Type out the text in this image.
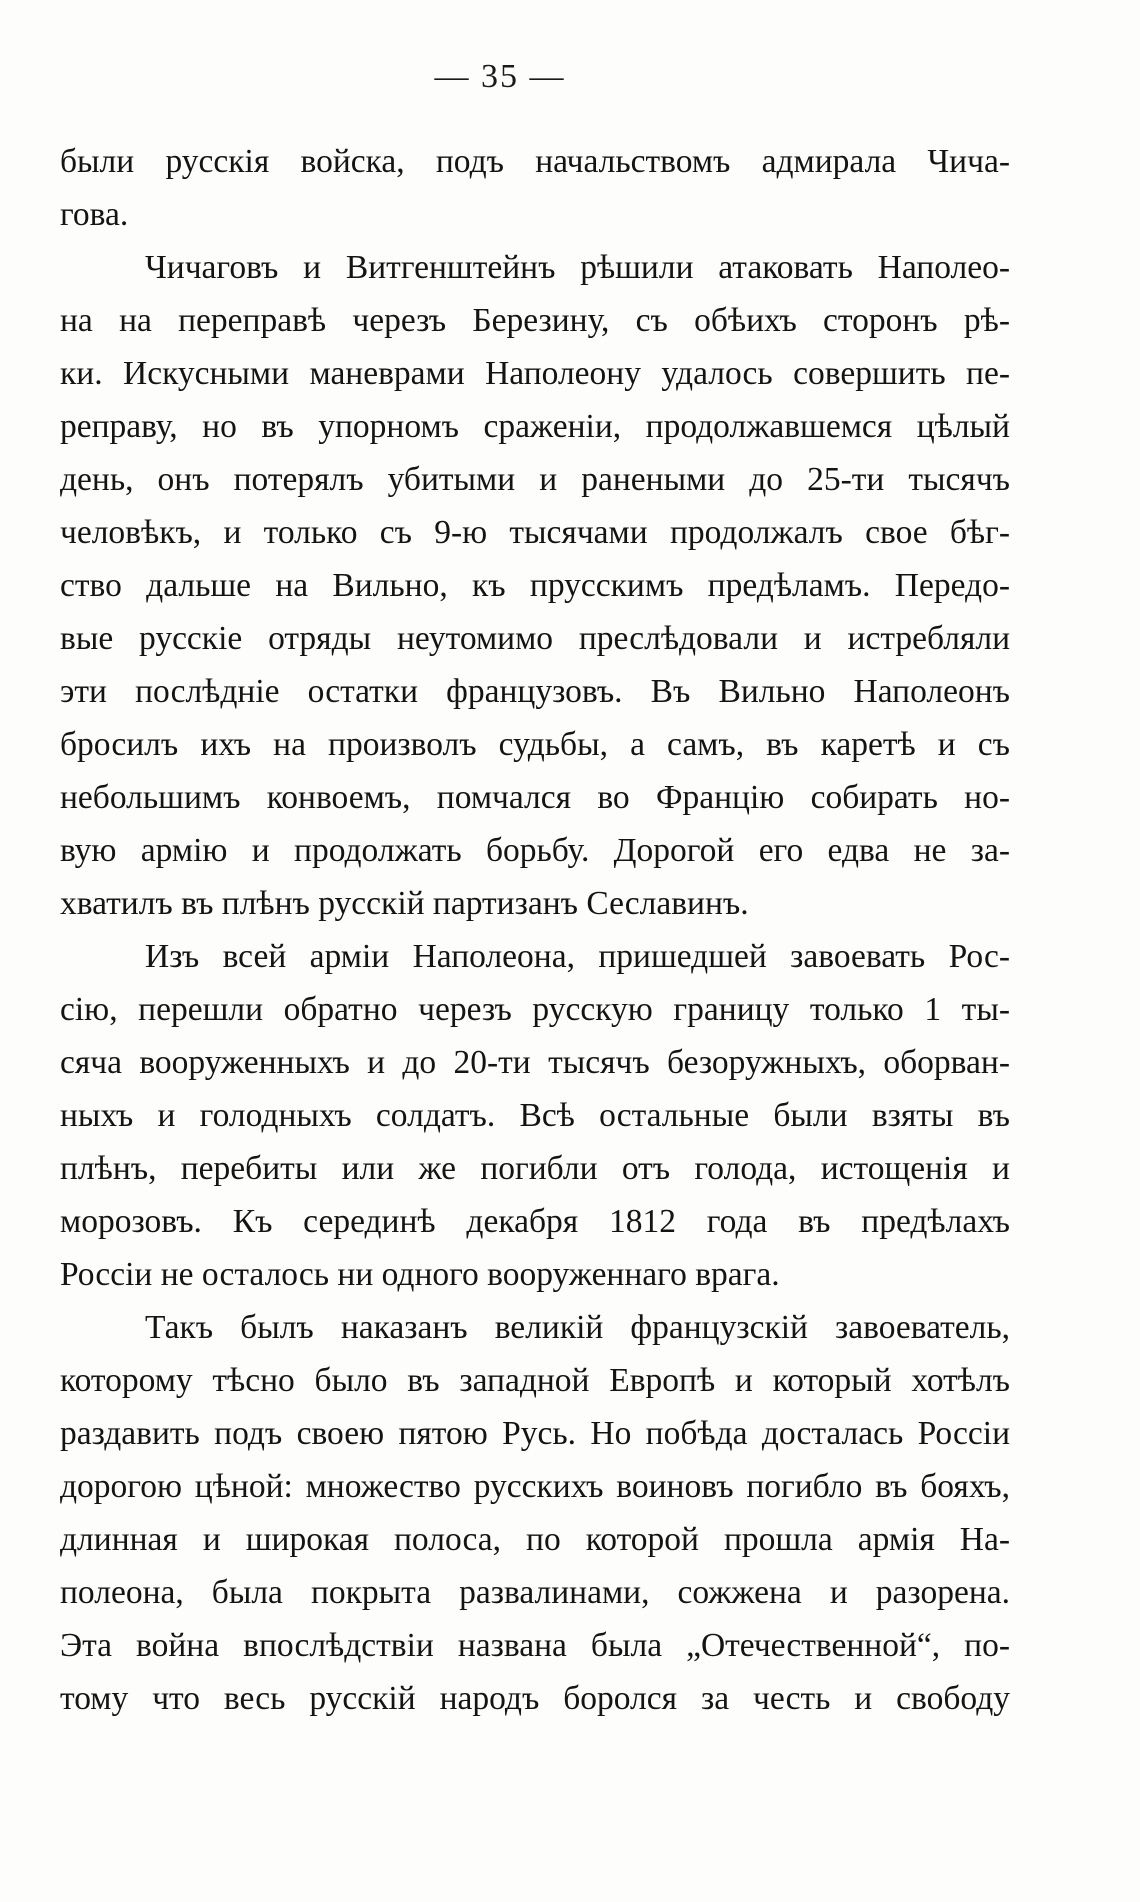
— 35 —
были русскія войска, подъ начальствомъ адмирала Чича-
гова.
Чичаговъ и Витгенштейнъ рѣшили атаковать Наполео-
на на переправѣ черезъ Березину, съ обѣихъ сторонъ рѣ-
ки. Искусными маневрами Наполеону удалось совершить пе-
реправу, но въ упорномъ сраженіи, продолжавшемся цѣлый
день, онъ потерялъ убитыми и ранеными до 25-ти тысячъ
человѣкъ, и только съ 9-ю тысячами продолжалъ свое бѣг-
ство дальше на Вильно, къ прусскимъ предѣламъ. Передо-
вые русскіе отряды неутомимо преслѣдовали и истребляли
эти послѣдніе остатки французовъ. Въ Вильно Наполеонъ
бросилъ ихъ на произволъ судьбы, а самъ, въ каретѣ и съ
небольшимъ конвоемъ, помчался во Францію собирать но-
вую армію и продолжать борьбу. Дорогой его едва не за-
хватилъ въ плѣнъ русскій партизанъ Сеславинъ.
Изъ всей арміи Наполеона, пришедшей завоевать Рос-
сію, перешли обратно черезъ русскую границу только 1 ты-
сяча вооруженныхъ и до 20-ти тысячъ безоружныхъ, оборван-
ныхъ и голодныхъ солдатъ. Всѣ остальные были взяты въ
плѣнъ, перебиты или же погибли отъ голода, истощенія и
морозовъ. Къ серединѣ декабря 1812 года въ предѣлахъ
Россіи не осталось ни одного вооруженнаго врага.
Такъ былъ наказанъ великій французскій завоеватель,
которому тѣсно было въ западной Европѣ и который хотѣлъ
раздавить подъ своею пятою Русь. Но побѣда досталась Россіи
дорогою цѣной: множество русскихъ воиновъ погибло въ бояхъ,
длинная и широкая полоса, по которой прошла армія На-
полеона, была покрыта развалинами, сожжена и разорена.
Эта война впослѣдствіи названа была „Отечественной“, по-
тому что весь русскій народъ боролся за честь и свободу
